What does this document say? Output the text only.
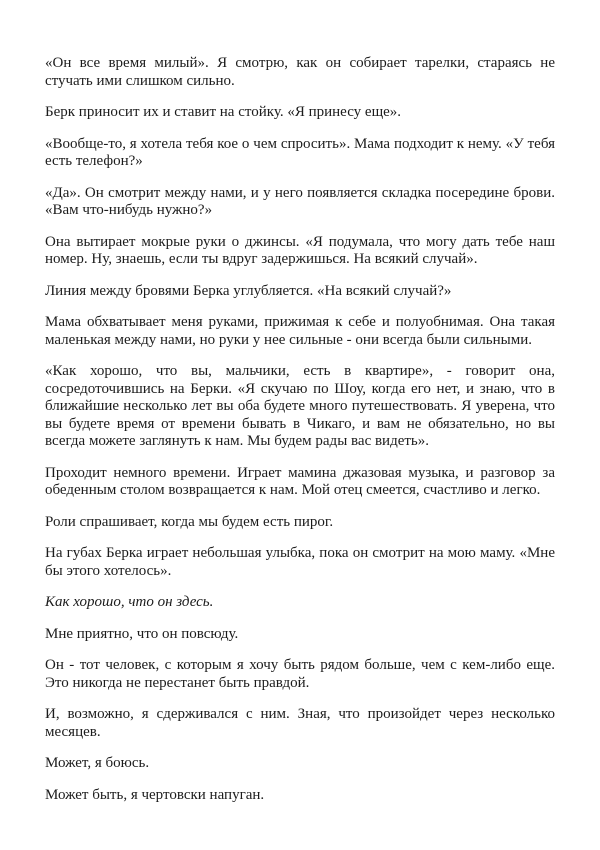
«Он все время милый». Я смотрю, как он собирает тарелки, стараясь не стучать ими слишком сильно.

Берк приносит их и ставит на стойку. «Я принесу еще».

«Вообще-то, я хотела тебя кое о чем спросить». Мама подходит к нему. «У тебя есть телефон?»

«Да». Он смотрит между нами, и у него появляется складка посередине брови. «Вам что-нибудь нужно?»

Она вытирает мокрые руки о джинсы. «Я подумала, что могу дать тебе наш номер. Ну, знаешь, если ты вдруг задержишься. На всякий случай».

Линия между бровями Берка углубляется. «На всякий случай?»

Мама обхватывает меня руками, прижимая к себе и полуобнимая. Она такая маленькая между нами, но руки у нее сильные - они всегда были сильными.

«Как хорошо, что вы, мальчики, есть в квартире», - говорит она, сосредоточившись на Берки. «Я скучаю по Шоу, когда его нет, и знаю, что в ближайшие несколько лет вы оба будете много путешествовать. Я уверена, что вы будете время от времени бывать в Чикаго, и вам не обязательно, но вы всегда можете заглянуть к нам. Мы будем рады вас видеть».

Проходит немного времени. Играет мамина джазовая музыка, и разговор за обеденным столом возвращается к нам. Мой отец смеется, счастливо и легко.

Роли спрашивает, когда мы будем есть пирог.

На губах Берка играет небольшая улыбка, пока он смотрит на мою маму. «Мне бы этого хотелось».

Как хорошо, что он здесь.

Мне приятно, что он повсюду.

Он - тот человек, с которым я хочу быть рядом больше, чем с кем-либо еще. Это никогда не перестанет быть правдой.

И, возможно, я сдерживался с ним. Зная, что произойдет через несколько месяцев.

Может, я боюсь.

Может быть, я чертовски напуган.
